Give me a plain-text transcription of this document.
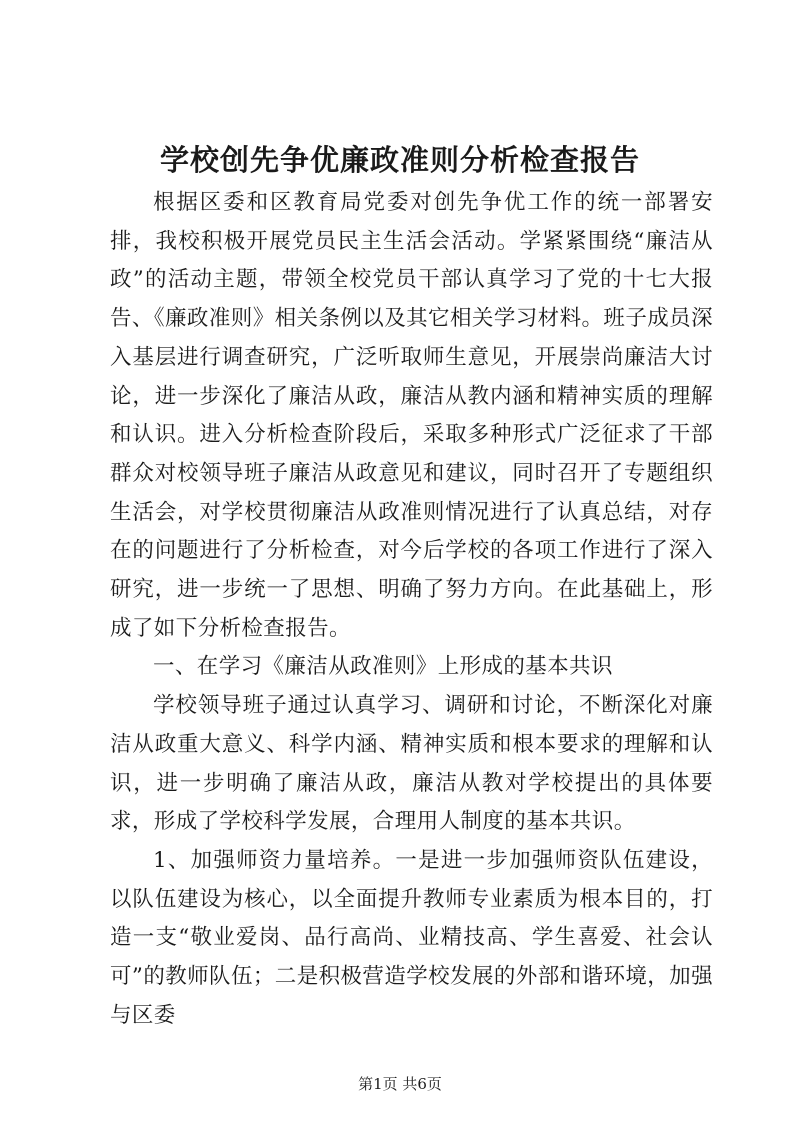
学校创先争优廉政准则分析检查报告

根据区委和区教育局党委对创先争优工作的统一部署安排，我校积极开展党员民主生活会活动。学紧紧围绕“廉洁从政”的活动主题，带领全校党员干部认真学习了党的十七大报告、《廉政准则》相关条例以及其它相关学习材料。班子成员深入基层进行调查研究，广泛听取师生意见，开展崇尚廉洁大讨论，进一步深化了廉洁从政，廉洁从教内涵和精神实质的理解和认识。进入分析检查阶段后，采取多种形式广泛征求了干部群众对校领导班子廉洁从政意见和建议，同时召开了专题组织生活会，对学校贯彻廉洁从政准则情况进行了认真总结，对存在的问题进行了分析检查，对今后学校的各项工作进行了深入研究，进一步统一了思想、明确了努力方向。在此基础上，形成了如下分析检查报告。

一、在学习《廉洁从政准则》上形成的基本共识

学校领导班子通过认真学习、调研和讨论，不断深化对廉洁从政重大意义、科学内涵、精神实质和根本要求的理解和认识，进一步明确了廉洁从政，廉洁从教对学校提出的具体要求，形成了学校科学发展，合理用人制度的基本共识。

1、加强师资力量培养。一是进一步加强师资队伍建设，以队伍建设为核心，以全面提升教师专业素质为根本目的，打造一支“敬业爱岗、品行高尚、业精技高、学生喜爱、社会认可”的教师队伍；二是积极营造学校发展的外部和谐环境，加强与区委

第1页 共6页
